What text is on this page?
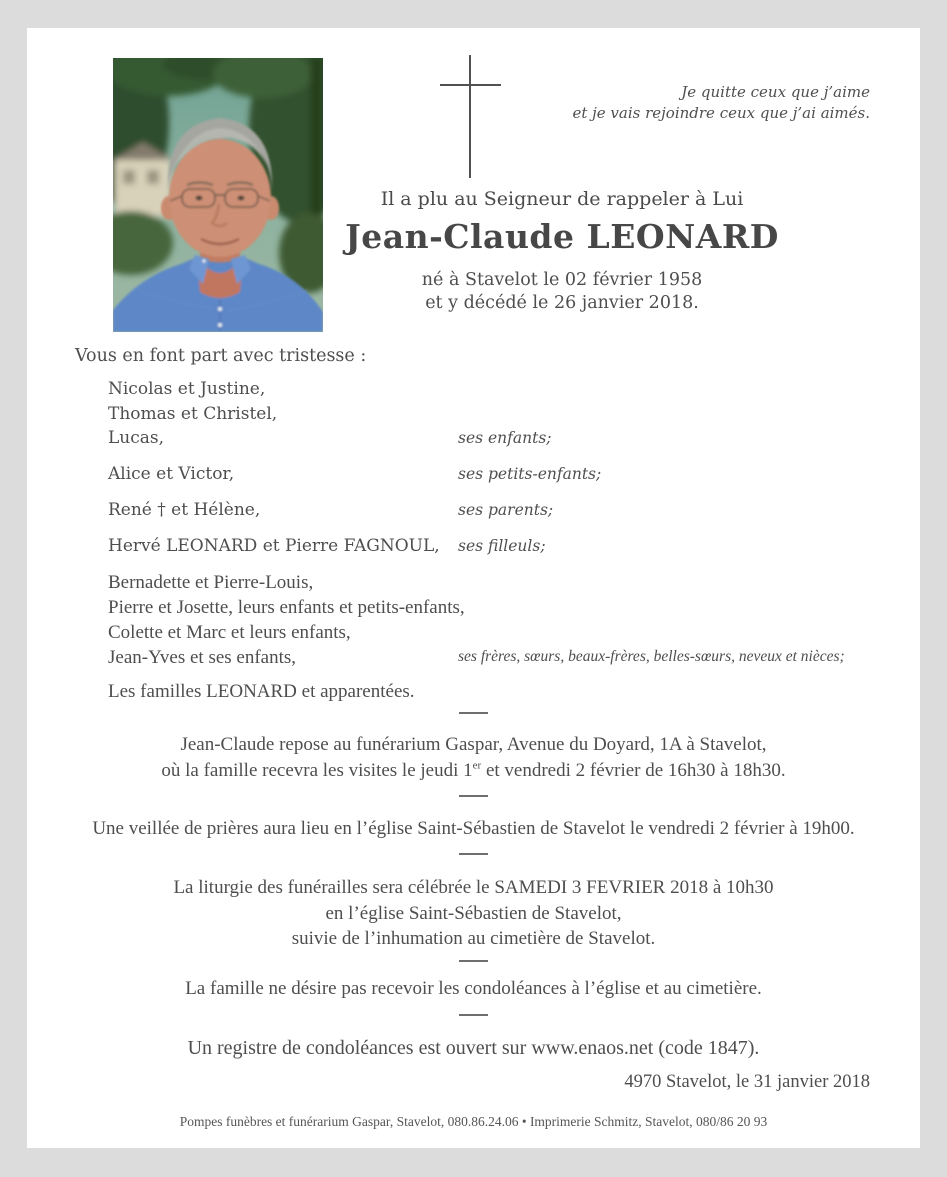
Je quitte ceux que j’aime
et je vais rejoindre ceux que j’ai aimés.
Il a plu au Seigneur de rappeler à Lui
Jean-Claude LEONARD
né à Stavelot le 02 février 1958
et y décédé le 26 janvier 2018.
Vous en font part avec tristesse :
Nicolas et Justine,
Thomas et Christel,
Lucas,	ses enfants;
Alice et Victor,	ses petits-enfants;
René † et Hélène,	ses parents;
Hervé LEONARD et Pierre FAGNOUL,	ses filleuls;
Bernadette et Pierre-Louis,
Pierre et Josette, leurs enfants et petits-enfants,
Colette et Marc et leurs enfants,
Jean-Yves et ses enfants,	ses frères, sœurs, beaux-frères, belles-sœurs, neveux et nièces;
Les familles LEONARD et apparentées.
Jean-Claude repose au funérarium Gaspar, Avenue du Doyard, 1A à Stavelot,
où la famille recevra les visites le jeudi 1er et vendredi 2 février de 16h30 à 18h30.
Une veillée de prières aura lieu en l’église Saint-Sébastien de Stavelot le vendredi 2 février à 19h00.
La liturgie des funérailles sera célébrée le SAMEDI 3 FEVRIER 2018 à 10h30
en l’église Saint-Sébastien de Stavelot,
suivie de l’inhumation au cimetière de Stavelot.
La famille ne désire pas recevoir les condoléances à l’église et au cimetière.
Un registre de condoléances est ouvert sur www.enaos.net (code 1847).
4970 Stavelot, le 31 janvier 2018
Pompes funèbres et funérarium Gaspar, Stavelot, 080.86.24.06 • Imprimerie Schmitz, Stavelot, 080/86 20 93
